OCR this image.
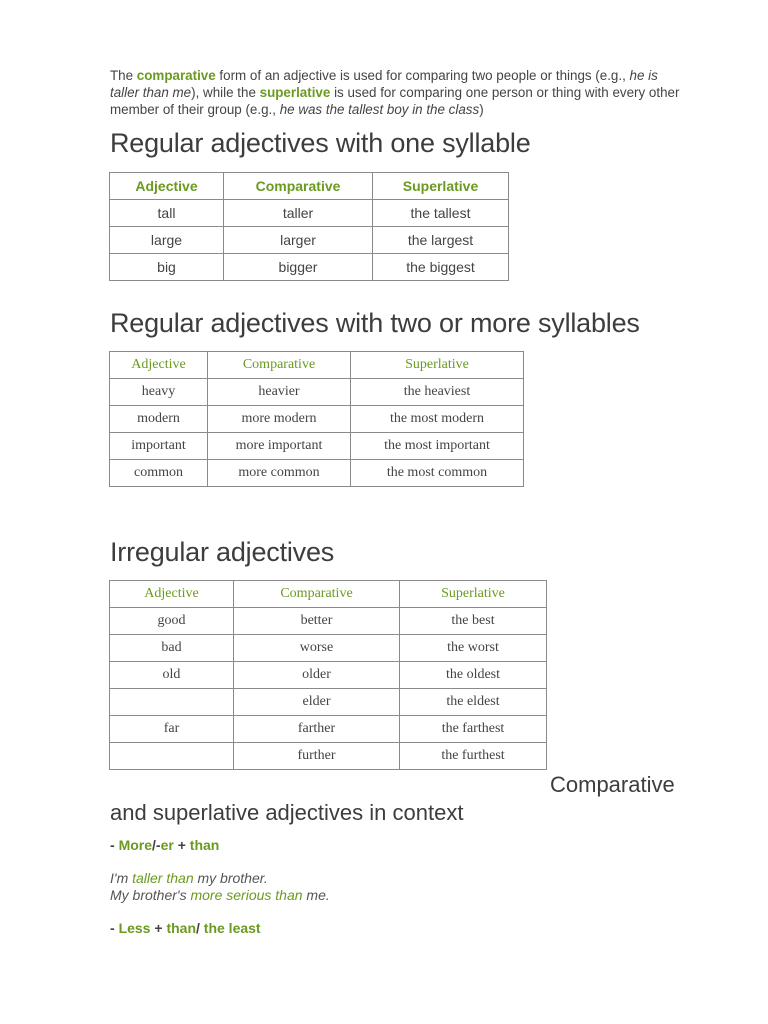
The comparative form of an adjective is used for comparing two people or things (e.g., he is taller than me), while the superlative is used for comparing one person or thing with every other member of their group (e.g., he was the tallest boy in the class)
Regular adjectives with one syllable
Adjective	Comparative	Superlative
tall	taller	the tallest
large	larger	the largest
big	bigger	the biggest
Regular adjectives with two or more syllables
Adjective	Comparative	Superlative
heavy	heavier	the heaviest
modern	more modern	the most modern
important	more important	the most important
common	more common	the most common
Irregular adjectives
Adjective	Comparative	Superlative
good	better	the best
bad	worse	the worst
old	older	the oldest
	elder	the eldest
far	farther	the farthest
	further	the furthest
Comparative
and superlative adjectives in context
- More/-er + than
I'm taller than my brother.
My brother's more serious than me.
- Less + than/ the least
